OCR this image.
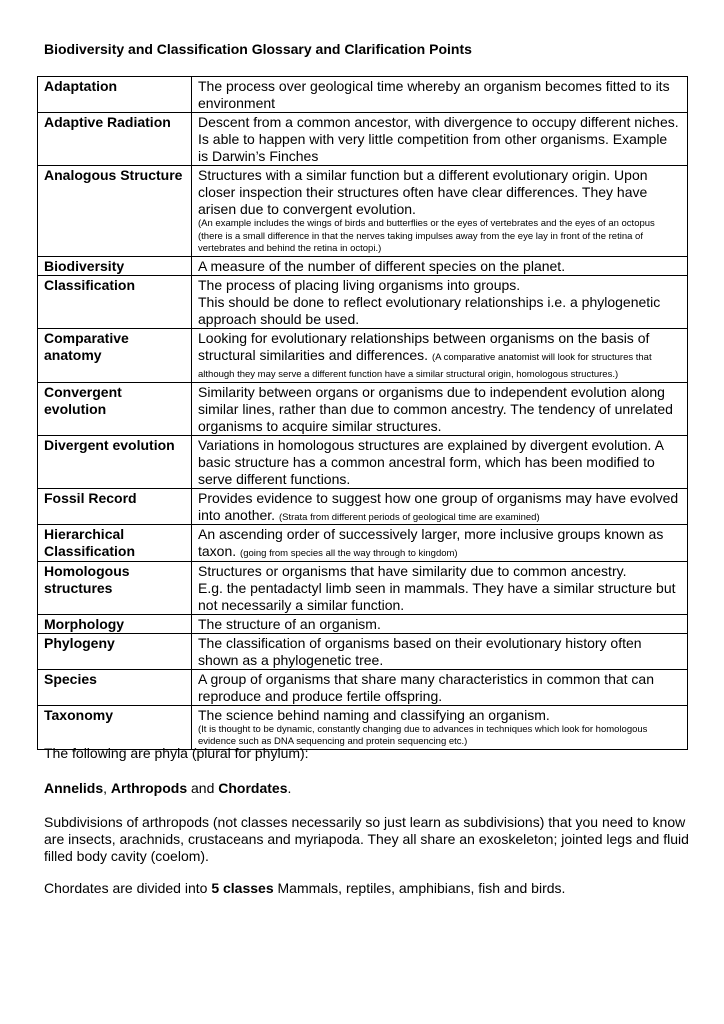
Biodiversity and Classification Glossary and Clarification Points
Adaptation	The process over geological time whereby an organism becomes fitted to its environment
Adaptive Radiation	Descent from a common ancestor, with divergence to occupy different niches. Is able to happen with very little competition from other organisms. Example is Darwin’s Finches
Analogous Structure	Structures with a similar function but a different evolutionary origin. Upon closer inspection their structures often have clear differences. They have arisen due to convergent evolution.
(An example includes the wings of birds and butterflies or the eyes of vertebrates and the eyes of an octopus (there is a small difference in that the nerves taking impulses away from the eye lay in front of the retina of vertebrates and behind the retina in octopi.)

Biodiversity	A measure of the number of different species on the planet.
Classification	The process of placing living organisms into groups.
This should be done to reflect evolutionary relationships i.e. a phylogenetic approach should be used.

Comparative anatomy	Looking for evolutionary relationships between organisms on the basis of structural similarities and differences. (A comparative anatomist will look for structures that although they may serve a different function have a similar structural origin, homologous structures.)
Convergent evolution	Similarity between organs or organisms due to independent evolution along similar lines, rather than due to common ancestry. The tendency of unrelated organisms to acquire similar structures.
Divergent evolution	Variations in homologous structures are explained by divergent evolution. A basic structure has a common ancestral form, which has been modified to serve different functions.
Fossil Record	Provides evidence to suggest how one group of organisms may have evolved into another. (Strata from different periods of geological time are examined)
Hierarchical Classification	An ascending order of successively larger, more inclusive groups known as taxon. (going from species all the way through to kingdom)
Homologous structures	Structures or organisms that have similarity due to common ancestry.
E.g. the pentadactyl limb seen in mammals. They have a similar structure but not necessarily a similar function.

Morphology	The structure of an organism.
Phylogeny	The classification of organisms based on their evolutionary history often shown as a phylogenetic tree.
Species	A group of organisms that share many characteristics in common that can reproduce and produce fertile offspring.
Taxonomy	The science behind naming and classifying an organism.
(It is thought to be dynamic, constantly changing due to advances in techniques which look for homologous evidence such as DNA sequencing and protein sequencing etc.)
The following are phyla (plural for phylum):
Annelids, Arthropods and Chordates.
Subdivisions of arthropods (not classes necessarily so just learn as subdivisions) that you need to know are insects, arachnids, crustaceans and myriapoda. They all share an exoskeleton; jointed legs and fluid filled body cavity (coelom).
Chordates are divided into 5 classes Mammals, reptiles, amphibians, fish and birds.
